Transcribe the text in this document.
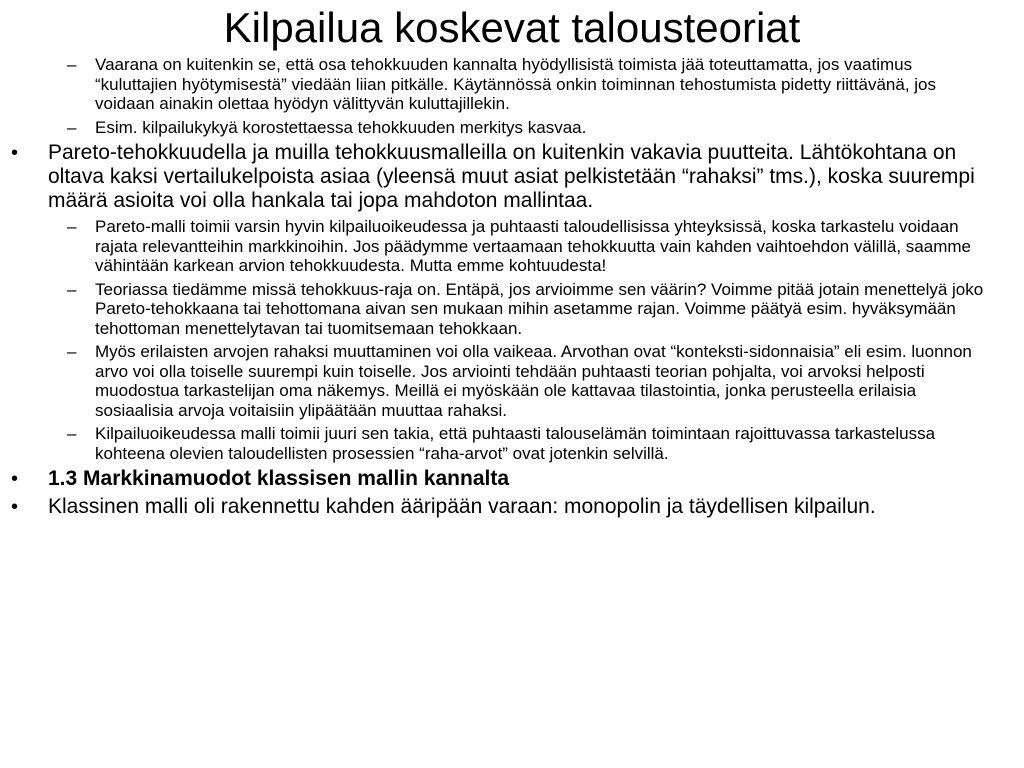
Kilpailua koskevat talousteoriat
– Vaarana on kuitenkin se, että osa tehokkuuden kannalta hyödyllisistä toimista jää toteuttamatta, jos vaatimus “kuluttajien hyötymisestä” viedään liian pitkälle. Käytännössä onkin toiminnan tehostumista pidetty riittävänä, jos voidaan ainakin olettaa hyödyn välittyvän kuluttajillekin.
– Esim. kilpailukykyä korostettaessa tehokkuuden merkitys kasvaa.
• Pareto-tehokkuudella ja muilla tehokkuusmalleilla on kuitenkin vakavia puutteita. Lähtökohtana on oltava kaksi vertailukelpoista asiaa (yleensä muut asiat pelkistetään “rahaksi” tms.), koska suurempi määrä asioita voi olla hankala tai jopa mahdoton mallintaa.
– Pareto-malli toimii varsin hyvin kilpailuoikeudessa ja puhtaasti taloudellisissa yhteyksissä, koska tarkastelu voidaan rajata relevantteihin markkinoihin. Jos päädymme vertaamaan tehokkuutta vain kahden vaihtoehdon välillä, saamme vähintään karkean arvion tehokkuudesta. Mutta emme kohtuudesta!
– Teoriassa tiedämme missä tehokkuus-raja on. Entäpä, jos arvioimme sen väärin? Voimme pitää jotain menettelyä joko Pareto-tehokkaana tai tehottomana aivan sen mukaan mihin asetamme rajan. Voimme päätyä esim. hyväksymään tehottoman menettelytavan tai tuomitsemaan tehokkaan.
– Myös erilaisten arvojen rahaksi muuttaminen voi olla vaikeaa. Arvothan ovat “konteksti-sidonnaisia” eli esim. luonnon arvo voi olla toiselle suurempi kuin toiselle. Jos arviointi tehdään puhtaasti teorian pohjalta, voi arvoksi helposti muodostua tarkastelijan oma näkemys. Meillä ei myöskään ole kattavaa tilastointia, jonka perusteella erilaisia sosiaalisia arvoja voitaisiin ylipäätään muuttaa rahaksi.
– Kilpailuoikeudessa malli toimii juuri sen takia, että puhtaasti talouselämän toimintaan rajoittuvassa tarkastelussa kohteena olevien taloudellisten prosessien “raha-arvot” ovat jotenkin selvillä.
• 1.3 Markkinamuodot klassisen mallin kannalta
• Klassinen malli oli rakennettu kahden ääripään varaan: monopolin ja täydellisen kilpailun.
